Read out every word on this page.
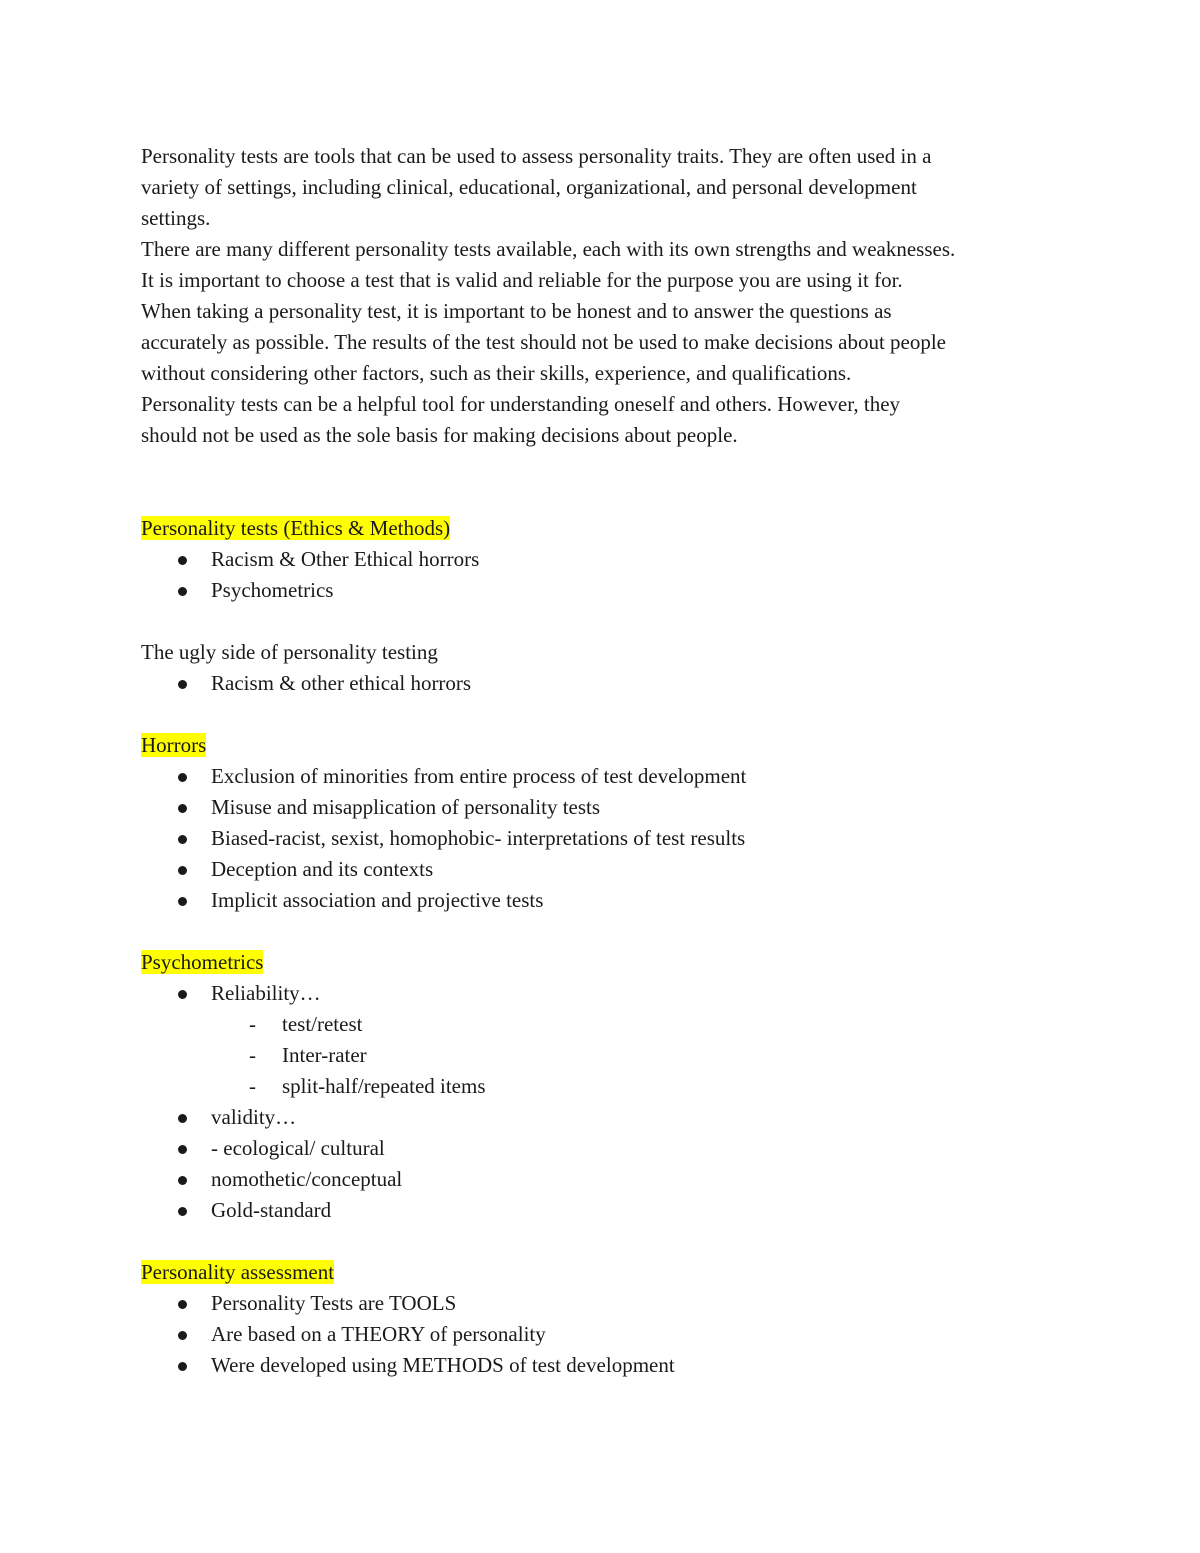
Personality tests are tools that can be used to assess personality traits. They are often used in a
variety of settings, including clinical, educational, organizational, and personal development
settings.
There are many different personality tests available, each with its own strengths and weaknesses.
It is important to choose a test that is valid and reliable for the purpose you are using it for.
When taking a personality test, it is important to be honest and to answer the questions as
accurately as possible. The results of the test should not be used to make decisions about people
without considering other factors, such as their skills, experience, and qualifications.
Personality tests can be a helpful tool for understanding oneself and others. However, they
should not be used as the sole basis for making decisions about people.
Personality tests (Ethics & Methods)
Racism & Other Ethical horrors
Psychometrics
The ugly side of personality testing
Racism & other ethical horrors
Horrors
Exclusion of minorities from entire process of test development
Misuse and misapplication of personality tests
Biased-racist, sexist, homophobic- interpretations of test results
Deception and its contexts
Implicit association and projective tests
Psychometrics
Reliability…
- test/retest
- Inter-rater
- split-half/repeated items
validity…
- ecological/ cultural
nomothetic/conceptual
Gold-standard
Personality assessment
Personality Tests are TOOLS
Are based on a THEORY of personality
Were developed using METHODS of test development
